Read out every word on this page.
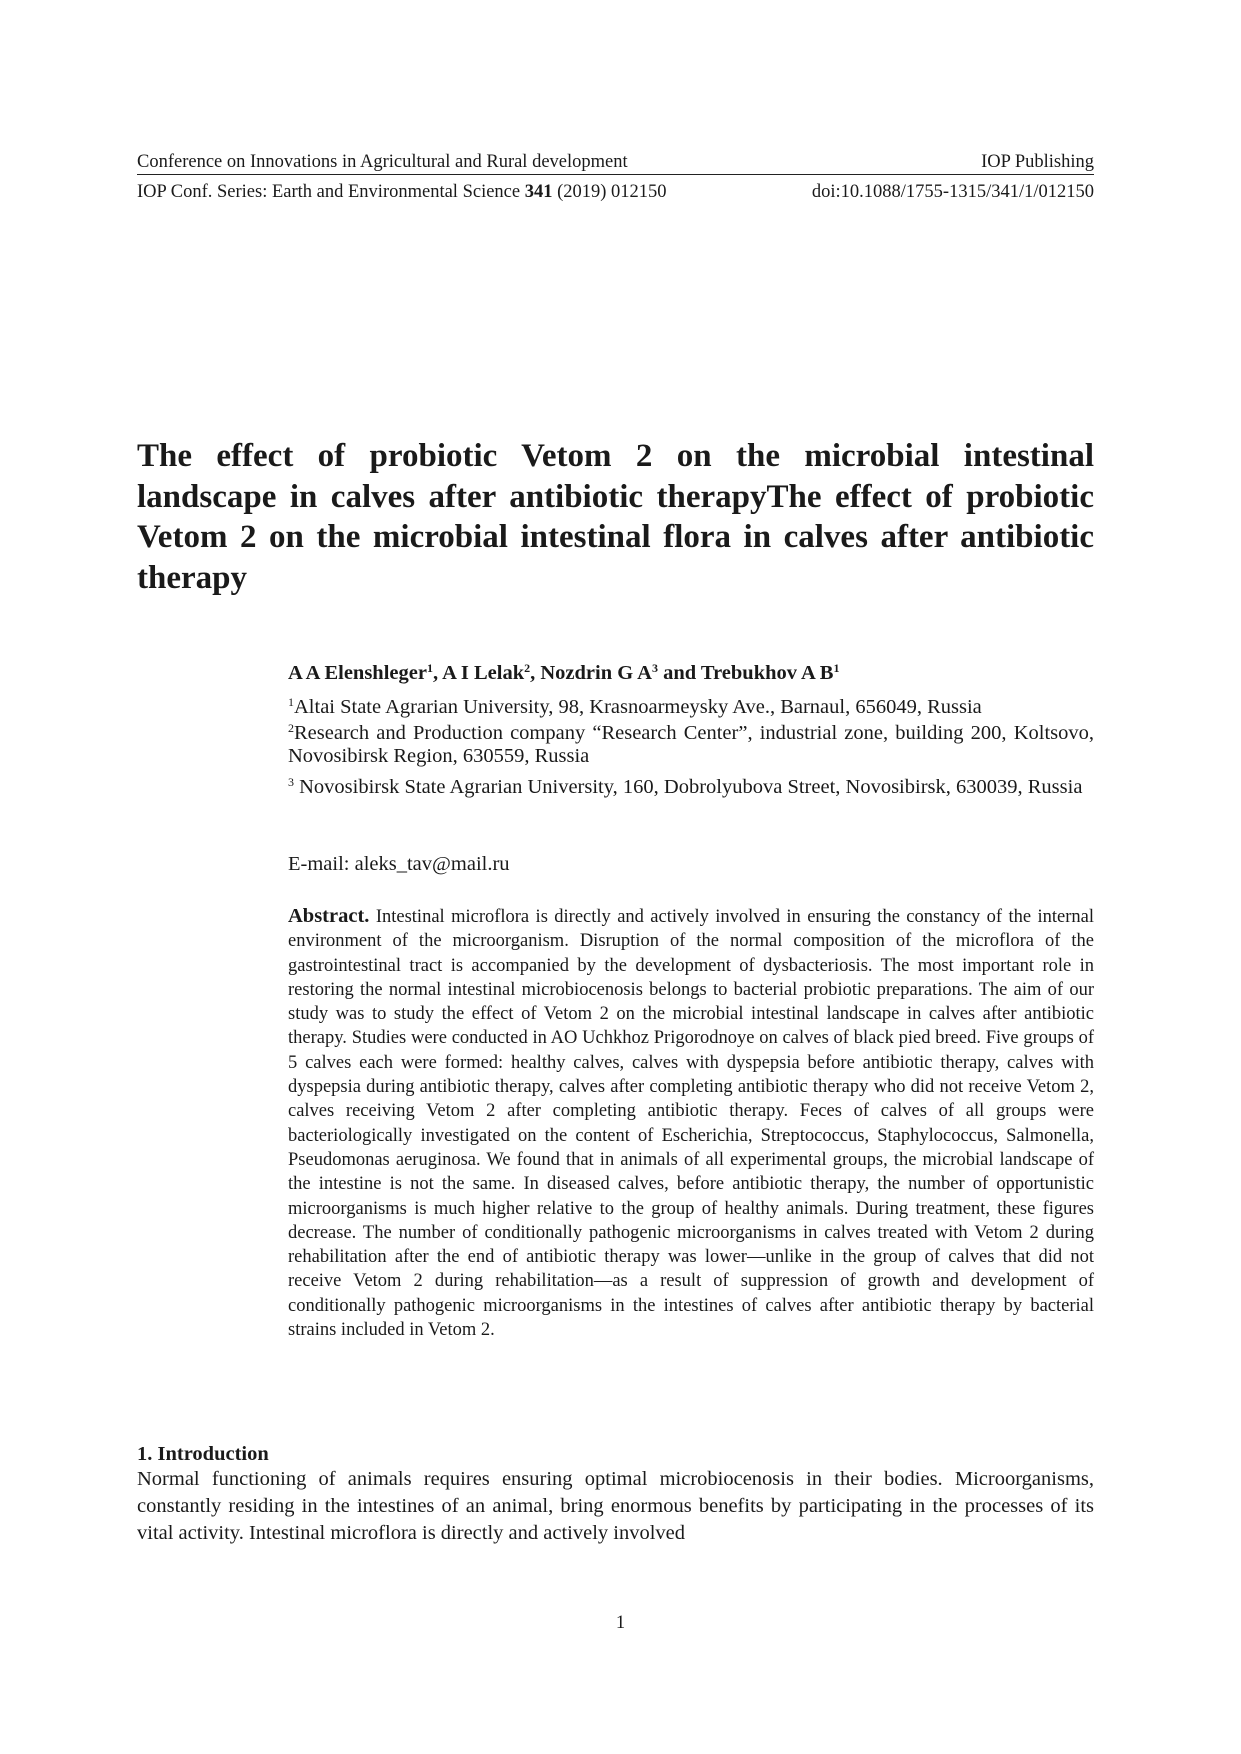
Conference on Innovations in Agricultural and Rural development	IOP Publishing
IOP Conf. Series: Earth and Environmental Science 341 (2019) 012150	doi:10.1088/1755-1315/341/1/012150
The effect of probiotic Vetom 2 on the microbial intestinal landscape in calves after antibiotic therapyThe effect of probiotic Vetom 2 on the microbial intestinal flora in calves after antibiotic therapy
A A Elenshleger$^1$, A I Lelak$^2$, Nozdrin G $A^3$ and Trebukhov A $B^1$
$^1$Altai State Agrarian University, 98, Krasnoarmeysky Ave., Barnaul, 656049, Russia
$^2$Research and Production company “Research Center”, industrial zone, building 200, Koltsovo, Novosibirsk Region, 630559, Russia
$^3$ Novosibirsk State Agrarian University, 160, Dobrolyubova Street, Novosibirsk, 630039, Russia
E-mail: aleks_tav@mail.ru
Abstract. Intestinal microflora is directly and actively involved in ensuring the constancy of the internal environment of the microorganism. Disruption of the normal composition of the microflora of the gastrointestinal tract is accompanied by the development of dysbacteriosis. The most important role in restoring the normal intestinal microbiocenosis belongs to bacterial probiotic preparations. The aim of our study was to study the effect of Vetom 2 on the microbial intestinal landscape in calves after antibiotic therapy. Studies were conducted in AO Uchkhoz Prigorodnoye on calves of black pied breed. Five groups of 5 calves each were formed: healthy calves, calves with dyspepsia before antibiotic therapy, calves with dyspepsia during antibiotic therapy, calves after completing antibiotic therapy who did not receive Vetom 2, calves receiving Vetom 2 after completing antibiotic therapy. Feces of calves of all groups were bacteriologically investigated on the content of Escherichia, Streptococcus, Staphylococcus, Salmonella, Pseudomonas aeruginosa. We found that in animals of all experimental groups, the microbial landscape of the intestine is not the same. In diseased calves, before antibiotic therapy, the number of opportunistic microorganisms is much higher relative to the group of healthy animals. During treatment, these figures decrease. The number of conditionally pathogenic microorganisms in calves treated with Vetom 2 during rehabilitation after the end of antibiotic therapy was lower—unlike in the group of calves that did not receive Vetom 2 during rehabilitation—as a result of suppression of growth and development of conditionally pathogenic microorganisms in the intestines of calves after antibiotic therapy by bacterial strains included in Vetom 2.
1. Introduction
Normal functioning of animals requires ensuring optimal microbiocenosis in their bodies. Microorganisms, constantly residing in the intestines of an animal, bring enormous benefits by participating in the processes of its vital activity. Intestinal microflora is directly and actively involved
1
